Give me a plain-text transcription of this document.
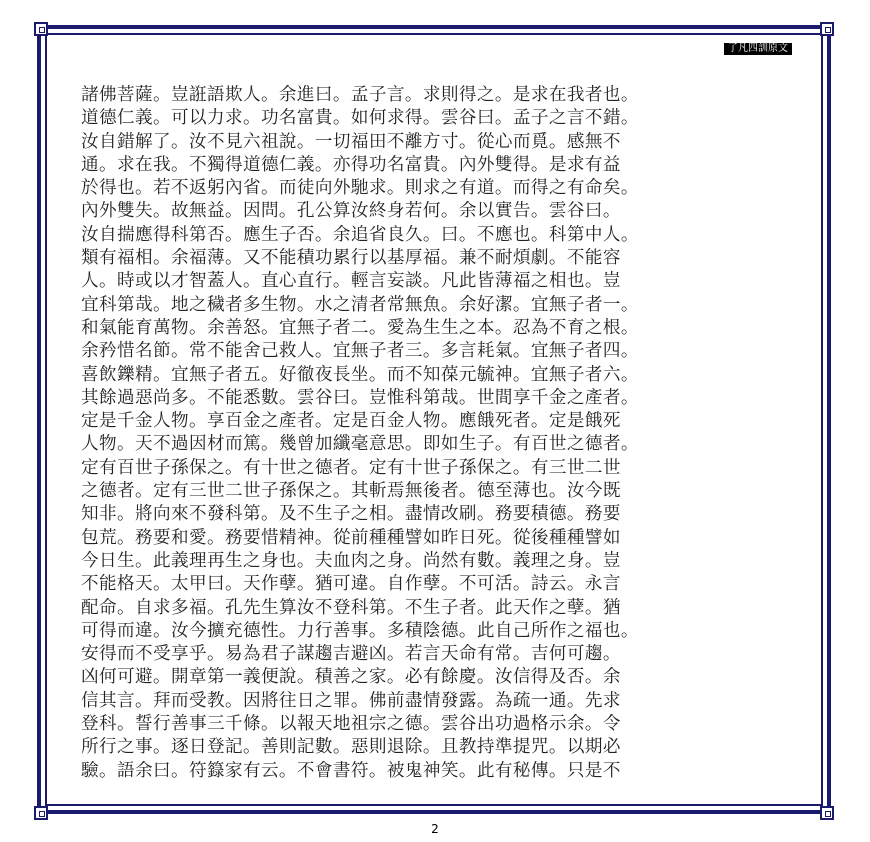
了凡四訓原文
諸佛菩薩。豈誑語欺人。余進曰。孟子言。求則得之。是求在我者也。
道德仁義。可以力求。功名富貴。如何求得。雲谷曰。孟子之言不錯。
汝自錯解了。汝不見六祖說。一切福田不離方寸。從心而覓。感無不
通。求在我。不獨得道德仁義。亦得功名富貴。內外雙得。是求有益
於得也。若不返躬內省。而徒向外馳求。則求之有道。而得之有命矣。
內外雙失。故無益。因問。孔公算汝終身若何。余以實告。雲谷曰。
汝自揣應得科第否。應生子否。余追省良久。曰。不應也。科第中人。
類有福相。余福薄。又不能積功累行以基厚福。兼不耐煩劇。不能容
人。時或以才智蓋人。直心直行。輕言妄談。凡此皆薄福之相也。豈
宜科第哉。地之穢者多生物。水之清者常無魚。余好潔。宜無子者一。
和氣能育萬物。余善怒。宜無子者二。愛為生生之本。忍為不育之根。
余矜惜名節。常不能舍己救人。宜無子者三。多言耗氣。宜無子者四。
喜飲鑠精。宜無子者五。好徹夜長坐。而不知葆元毓神。宜無子者六。
其餘過惡尚多。不能悉數。雲谷曰。豈惟科第哉。世間享千金之產者。
定是千金人物。享百金之產者。定是百金人物。應餓死者。定是餓死
人物。天不過因材而篤。幾曾加纖毫意思。即如生子。有百世之德者。
定有百世子孫保之。有十世之德者。定有十世子孫保之。有三世二世
之德者。定有三世二世子孫保之。其斬焉無後者。德至薄也。汝今既
知非。將向來不發科第。及不生子之相。盡情改刷。務要積德。務要
包荒。務要和愛。務要惜精神。從前種種譬如昨日死。從後種種譬如
今日生。此義理再生之身也。夫血肉之身。尚然有數。義理之身。豈
不能格天。太甲曰。天作孽。猶可違。自作孽。不可活。詩云。永言
配命。自求多福。孔先生算汝不登科第。不生子者。此天作之孽。猶
可得而違。汝今擴充德性。力行善事。多積陰德。此自己所作之福也。
安得而不受享乎。易為君子謀趨吉避凶。若言天命有常。吉何可趨。
凶何可避。開章第一義便說。積善之家。必有餘慶。汝信得及否。余
信其言。拜而受教。因將往日之罪。佛前盡情發露。為疏一通。先求
登科。誓行善事三千條。以報天地祖宗之德。雲谷出功過格示余。令
所行之事。逐日登記。善則記數。惡則退除。且教持準提咒。以期必
驗。語余曰。符籙家有云。不會書符。被鬼神笑。此有秘傳。只是不
2
